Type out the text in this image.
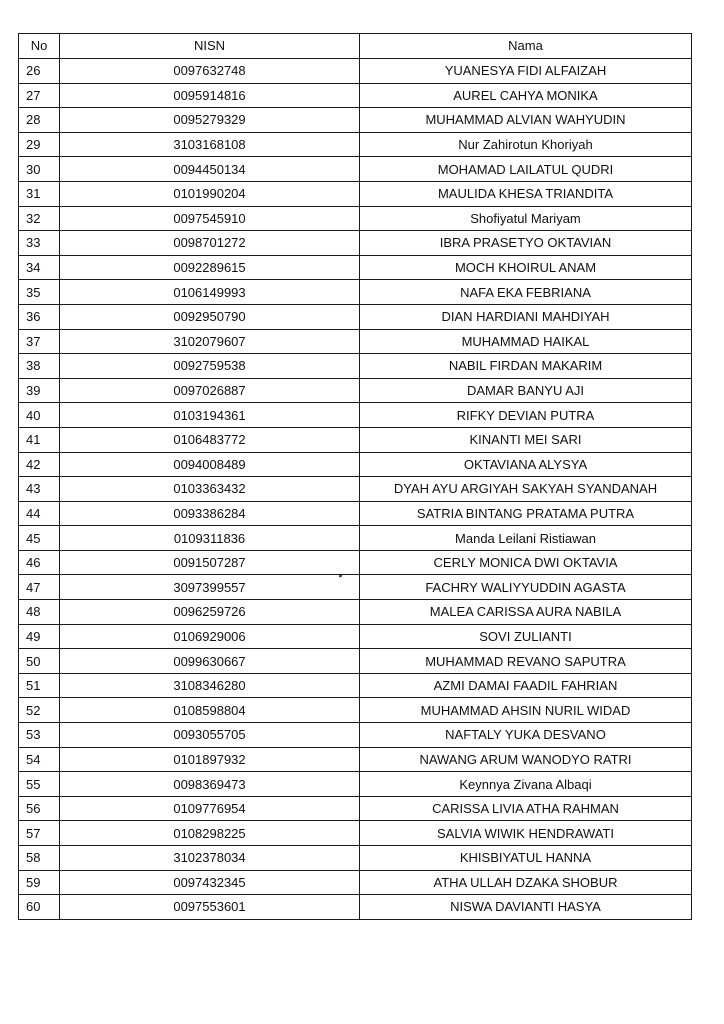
No	NISN	Nama
26	0097632748	YUANESYA FIDI ALFAIZAH
27	0095914816	AUREL CAHYA MONIKA
28	0095279329	MUHAMMAD ALVIAN WAHYUDIN
29	3103168108	Nur Zahirotun Khoriyah
30	0094450134	MOHAMAD LAILATUL QUDRI
31	0101990204	MAULIDA KHESA TRIANDITA
32	0097545910	Shofiyatul Mariyam
33	0098701272	IBRA PRASETYO OKTAVIAN
34	0092289615	MOCH KHOIRUL ANAM
35	0106149993	NAFA EKA FEBRIANA
36	0092950790	DIAN HARDIANI MAHDIYAH
37	3102079607	MUHAMMAD HAIKAL
38	0092759538	NABIL FIRDAN MAKARIM
39	0097026887	DAMAR BANYU AJI
40	0103194361	RIFKY DEVIAN PUTRA
41	0106483772	KINANTI MEI SARI
42	0094008489	OKTAVIANA ALYSYA
43	0103363432	DYAH AYU ARGIYAH SAKYAH SYANDANAH
44	0093386284	SATRIA BINTANG PRATAMA PUTRA
45	0109311836	Manda Leilani Ristiawan
46	0091507287	CERLY MONICA DWI OKTAVIA
47	3097399557	FACHRY WALIYYUDDIN AGASTA
48	0096259726	MALEA CARISSA AURA NABILA
49	0106929006	SOVI ZULIANTI
50	0099630667	MUHAMMAD REVANO SAPUTRA
51	3108346280	AZMI DAMAI FAADIL FAHRIAN
52	0108598804	MUHAMMAD AHSIN NURIL WIDAD
53	0093055705	NAFTALY YUKA DESVANO
54	0101897932	NAWANG ARUM WANODYO RATRI
55	0098369473	Keynnya Zivana Albaqi
56	0109776954	CARISSA LIVIA ATHA RAHMAN
57	0108298225	SALVIA WIWIK HENDRAWATI
58	3102378034	KHISBIYATUL HANNA
59	0097432345	ATHA ULLAH DZAKA SHOBUR
60	0097553601	NISWA DAVIANTI HASYA
